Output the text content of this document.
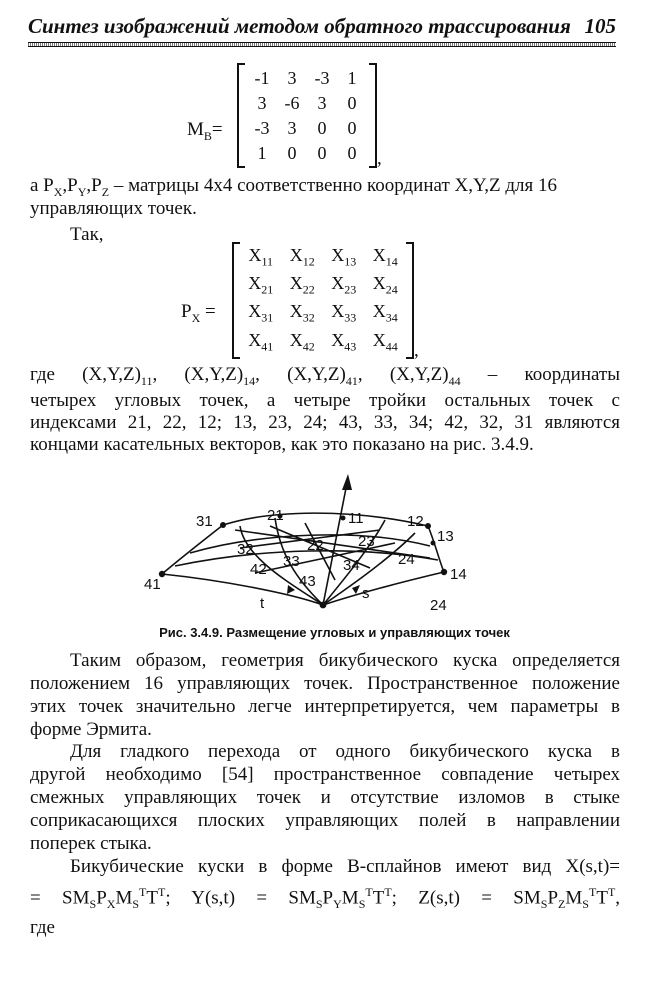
Синтез изображений методом обратного трассирования 105
$M_B=$
-1	3	-3	1
3	-6	3	0
-3	3	0	0
1	0	0	0	,
а $P_X,P_Y,P_Z$ – матрицы 4x4 соответственно координат X,Y,Z для 16
управляющих точек.
Так,
$P_X$ =
$X_{11}$ $X_{12}$ $X_{13}$ $X_{14}$
$X_{21}$ $X_{22}$ $X_{23}$ $X_{24}$
$X_{31}$ $X_{32}$ $X_{33}$ $X_{34}$
$X_{41}$ $X_{42}$ $X_{43}$ $X_{44}$ ,
где $(X,Y,Z)_{11}$, $(X,Y,Z)_{14}$, $(X,Y,Z)_{41}$, $(X,Y,Z)_{44}$ – координаты
четырех угловых точек, а четыре тройки остальных точек с
индексами 21, 22, 12; 13, 23, 24; 43, 33, 34; 42, 32, 31 являются
концами касательных векторов, как это показано на рис. 3.4.9.
31	21	11	12
13
32	22 23
24
42 33	34
41	43	14
24
t
s
Рис. 3.4.9. Размещение угловых и управляющих точек
Таким образом, геометрия бикубического куска определяется
положением 16 управляющих точек. Пространственное положение
этих точек значительно легче интерпретируется, чем параметры в
форме Эрмита.
Для гладкого перехода от одного бикубического куска в
другой необходимо [54] пространственное совпадение четырех
смежных управляющих точек и отсутствие изломов в стыке
соприкасающихся плоских управляющих полей в направлении
поперек стыка.
Бикубические куски в форме B-сплайнов имеют вид X(s,t)=
= $SM_SP_XM_S^TT^T$; $Y(s,t) = SM_SP_YM_S^TT^T$; $Z(s,t) = SM_SP_ZM_S^TT^T$,
где
